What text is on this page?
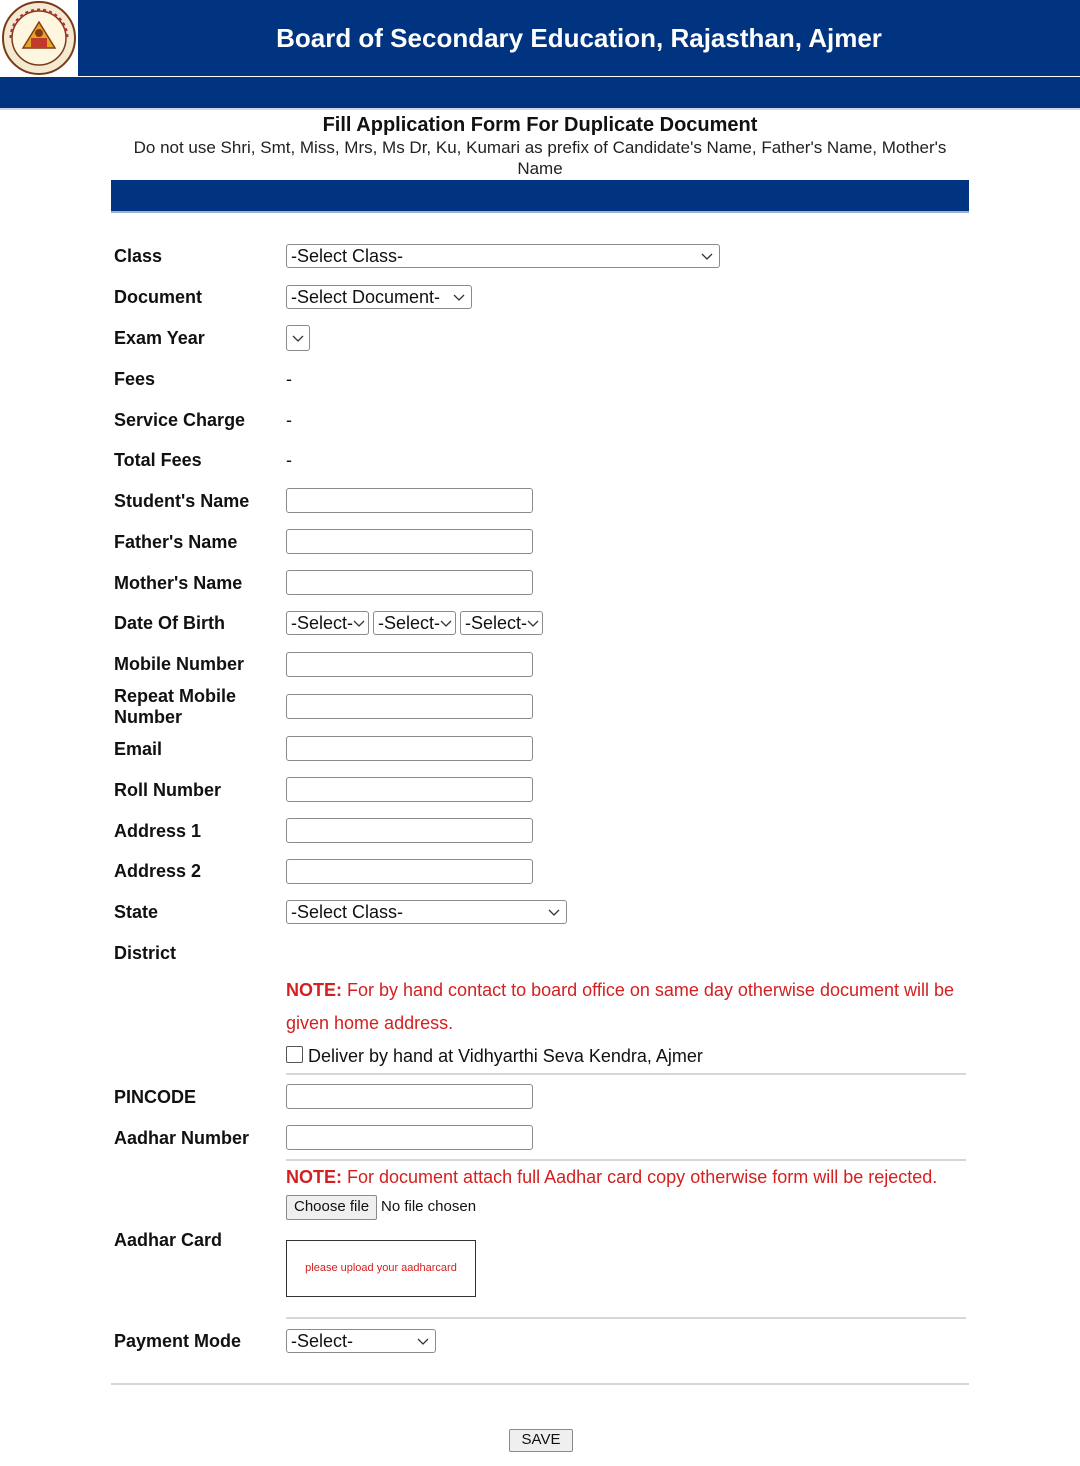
Board of Secondary Education, Rajasthan, Ajmer
Fill Application Form For Duplicate Document
Do not use Shri, Smt, Miss, Mrs, Ms Dr, Ku, Kumari as prefix of Candidate's Name, Father's Name, Mother's Name
Class	-Select Class-
Document	-Select Document-
Exam Year
Fees	-
Service Charge -
Total Fees	-
Student's Name
Father's Name
Mother's Name
Date Of Birth	-Select-	-Select-	-Select-
Mobile Number
Repeat Mobile Number
Email
Roll Number
Address 1
Address 2
State	-Select Class-
District
NOTE: For by hand contact to board office on same day otherwise document will be given home address.
Deliver by hand at Vidhyarthi Seva Kendra, Ajmer
PINCODE
Aadhar Number
NOTE: For document attach full Aadhar card copy otherwise form will be rejected.
Choose file No file chosen
Aadhar Card
please upload your aadharcard
Payment Mode	-Select-
SAVE
